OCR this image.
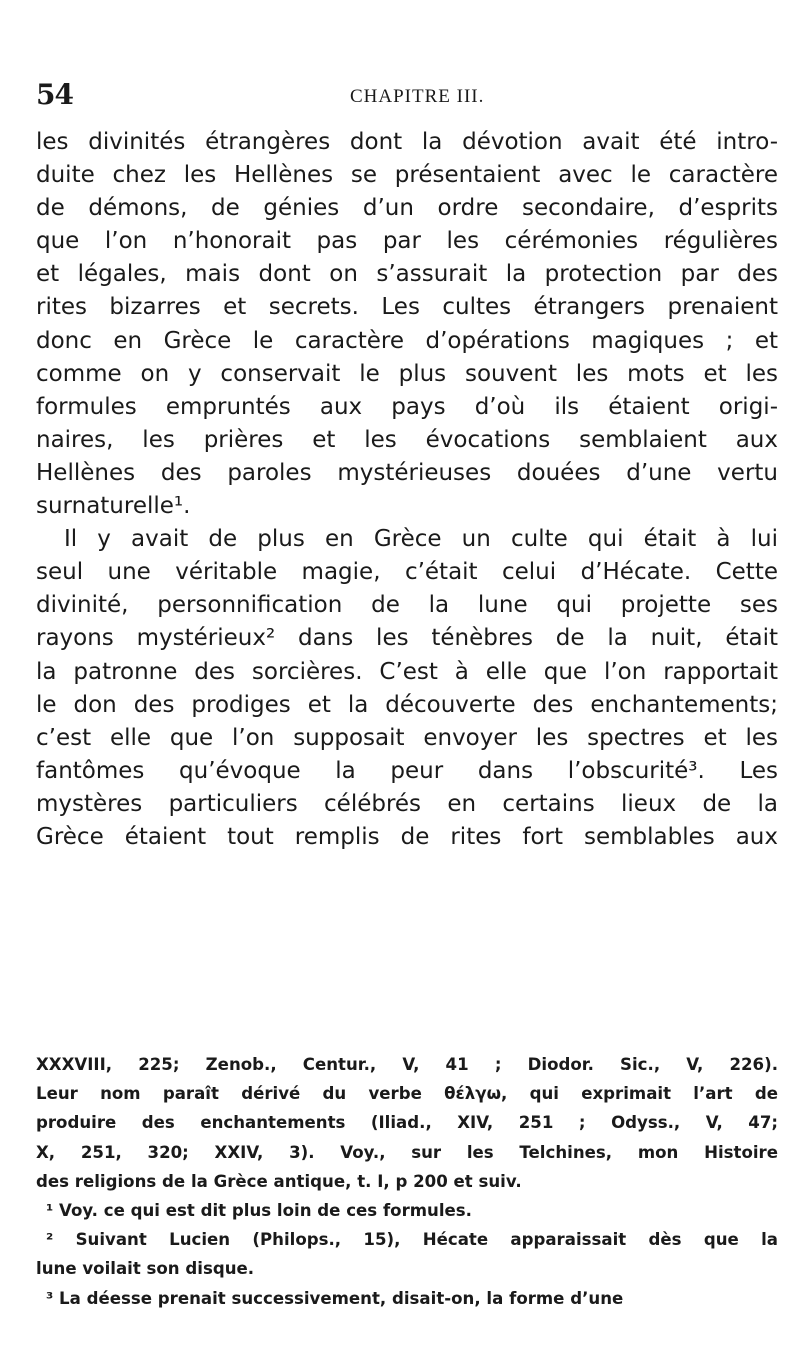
54	CHAPITRE III.
les divinités étrangères dont la dévotion avait été intro-
duite chez les Hellènes se présentaient avec le caractère
de démons, de génies d’un ordre secondaire, d’esprits
que l’on n’honorait pas par les cérémonies régulières
et légales, mais dont on s’assurait la protection par des
rites bizarres et secrets. Les cultes étrangers prenaient
donc en Grèce le caractère d’opérations magiques ; et
comme on y conservait le plus souvent les mots et les
formules empruntés aux pays d’où ils étaient origi-
naires, les prières et les évocations semblaient aux
Hellènes des paroles mystérieuses douées d’une vertu
surnaturelle¹.
Il y avait de plus en Grèce un culte qui était à lui
seul une véritable magie, c’était celui d’Hécate. Cette
divinité, personnification de la lune qui projette ses
rayons mystérieux² dans les ténèbres de la nuit, était
la patronne des sorcières. C’est à elle que l’on rapportait
le don des prodiges et la découverte des enchantements;
c’est elle que l’on supposait envoyer les spectres et les
fantômes qu’évoque la peur dans l’obscurité³. Les
mystères particuliers célébrés en certains lieux de la
Grèce étaient tout remplis de rites fort semblables aux
XXXVIII, 225; Zenob., Centur., V, 41 ; Diodor. Sic., V, 226).
Leur nom paraît dérivé du verbe θέλγω, qui exprimait l’art de
produire des enchantements (Iliad., XIV, 251 ; Odyss., V, 47;
X, 251, 320; XXIV, 3). Voy., sur les Telchines, mon Histoire
des religions de la Grèce antique, t. I, p 200 et suiv.
¹ Voy. ce qui est dit plus loin de ces formules.
² Suivant Lucien (Philops., 15), Hécate apparaissait dès que la
lune voilait son disque.
³ La déesse prenait successivement, disait-on, la forme d’une
